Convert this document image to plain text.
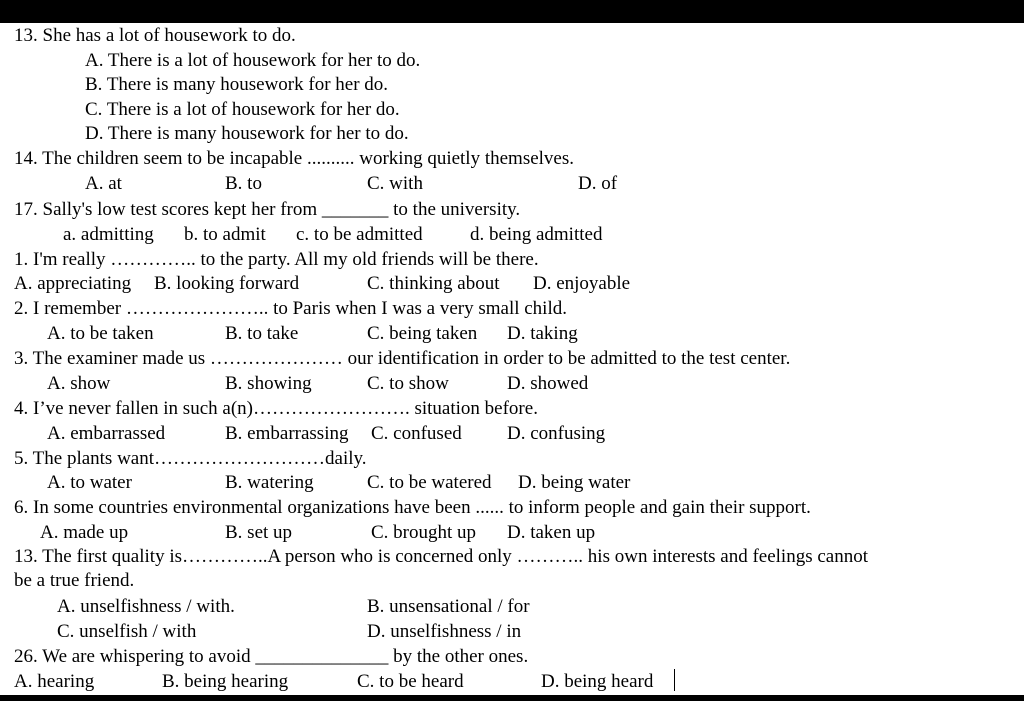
13. She has a lot of housework to do.
A. There is a lot of housework for her to do.
B. There is many housework for her do.
C. There is a lot of housework for her do.
D. There is many housework for her to do.
14. The children seem to be incapable .......... working quietly themselves.
A. at	B. to	C. with	D. of
17. Sally's low test scores kept her from _______ to the university.
a. admitting b. to admit c. to be admitted d. being admitted
1. I'm really ………….. to the party. All my old friends will be there.
A. appreciating B. looking forward	C. thinking about D. enjoyable
2. I remember ………………….. to Paris when I was a very small child.
A. to be taken	B. to take	C. being taken D. taking
3. The examiner made us ………………… our identification in order to be admitted to the test center.
A. show	B. showing	C. to show	D. showed
4. I’ve never fallen in such a(n)……………………. situation before.
A. embarrassed	B. embarrassing C. confused D. confusing
5. The plants want………………………daily.
A. to water	B. watering	C. to be watered D. being water
6. In some countries environmental organizations have been ...... to inform people and gain their support.
A. made up	B. set up	C. brought up D. taken up
13. The first quality is…………..A person who is concerned only ……….. his own interests and feelings cannot
be a true friend.
A. unselfishness / with.	B. unsensational / for
C. unselfish / with	D. unselfishness / in
26. We are whispering to avoid ______________ by the other ones.
A. hearing	B. being hearing	C. to be heard	D. being heard
